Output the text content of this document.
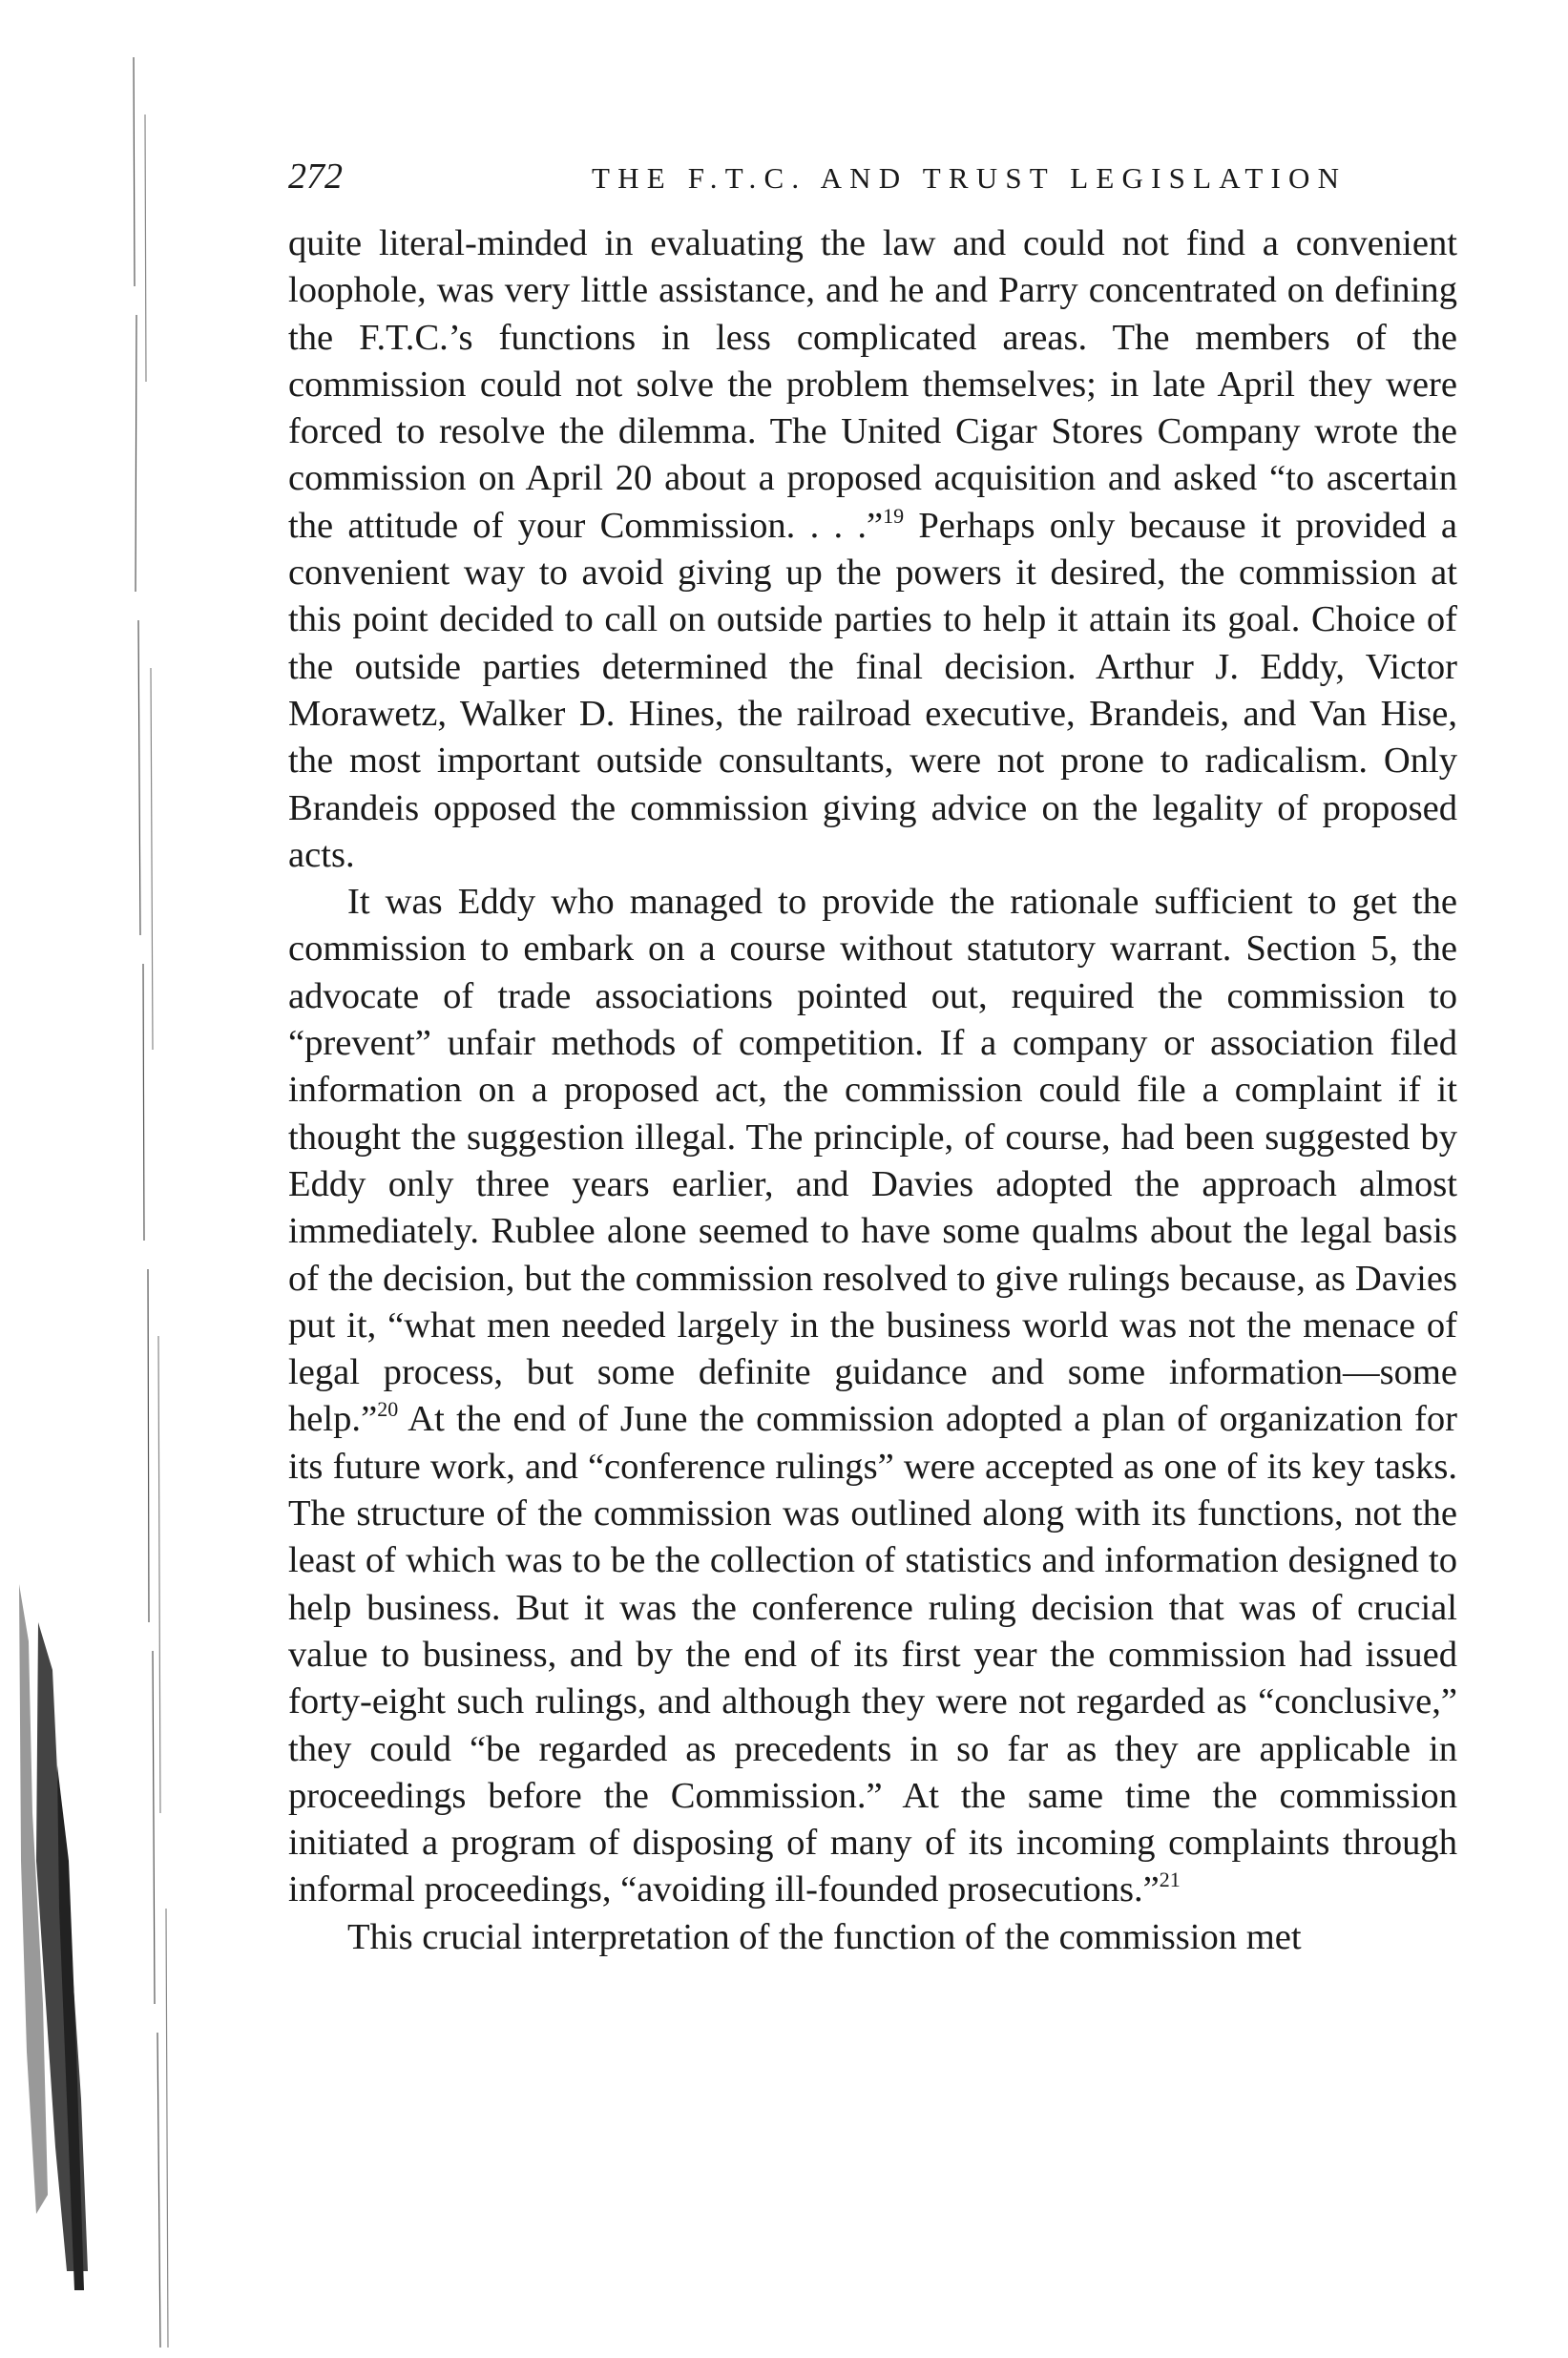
272	THE F.T.C. AND TRUST LEGISLATION

quite literal-minded in evaluating the law and could not find a convenient loophole, was very little assistance, and he and Parry concentrated on defining the F.T.C.’s functions in less complicated areas. The members of the commission could not solve the problem themselves; in late April they were forced to resolve the dilemma. The United Cigar Stores Company wrote the commission on April 20 about a proposed acquisition and asked “to ascertain the attitude of your Commission. . . .”$^{19}$ Perhaps only because it provided a convenient way to avoid giving up the powers it desired, the commission at this point decided to call on outside parties to help it attain its goal. Choice of the outside parties determined the final decision. Arthur J. Eddy, Victor Morawetz, Walker D. Hines, the railroad executive, Brandeis, and Van Hise, the most important outside consultants, were not prone to radicalism. Only Brandeis opposed the commission giving advice on the legality of proposed acts.

It was Eddy who managed to provide the rationale sufficient to get the commission to embark on a course without statutory warrant. Section 5, the advocate of trade associations pointed out, required the commission to “prevent” unfair methods of competition. If a company or association filed information on a proposed act, the commission could file a complaint if it thought the suggestion illegal. The principle, of course, had been suggested by Eddy only three years earlier, and Davies adopted the approach almost immediately. Rublee alone seemed to have some qualms about the legal basis of the decision, but the commission resolved to give rulings because, as Davies put it, “what men needed largely in the business world was not the menace of legal process, but some definite guidance and some information—some help.”$^{20}$ At the end of June the commission adopted a plan of organization for its future work, and “conference rulings” were accepted as one of its key tasks. The structure of the commission was outlined along with its functions, not the least of which was to be the collection of statistics and information designed to help business. But it was the conference ruling decision that was of crucial value to business, and by the end of its first year the commission had issued forty-eight such rulings, and although they were not regarded as “conclusive,” they could “be regarded as precedents in so far as they are applicable in proceedings before the Commission.” At the same time the commission initiated a program of disposing of many of its incoming complaints through informal proceedings, “avoiding ill-founded prosecutions.”$^{21}$

This crucial interpretation of the function of the commission met
